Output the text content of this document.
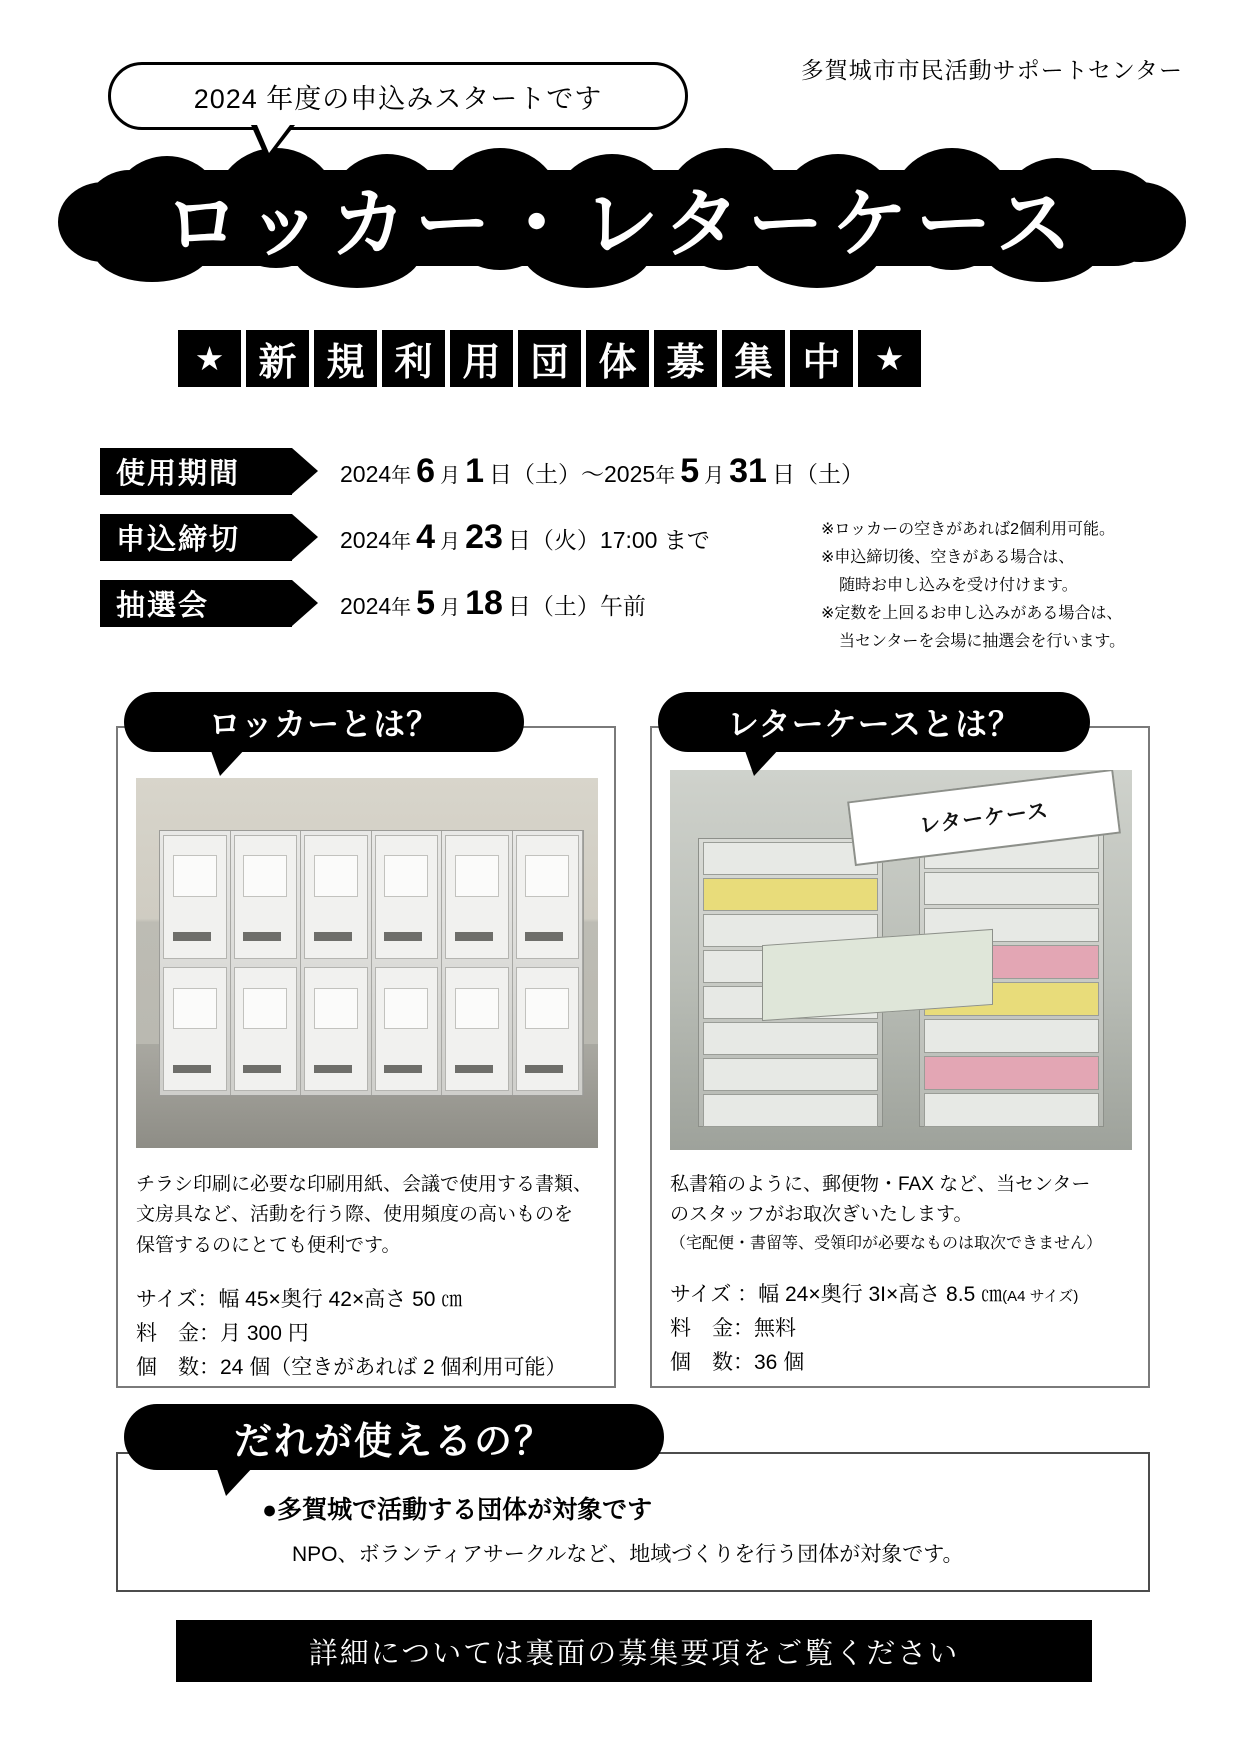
多賀城市市民活動サポートセンター
2024 年度の申込みスタートです
ロッカー・レターケース
★ 新 規 利 用 団 体 募 集 中	★
使用期間	2024 年 6 月 1 日（土）～2025 年 5 月 31 日（土）
申込締切	2024 年 4 月 23 日（火）17:00 まで
抽選会	2024 年 5 月 18 日（土）午前
※ロッカーの空きがあれば2個利用可能。
※申込締切後、空きがある場合は、
随時お申し込みを受け付けます。
※定数を上回るお申し込みがある場合は、
当センターを会場に抽選会を行います。
ロッカーとは？
チラシ印刷に必要な印刷用紙、会議で使用する書類、
文房具など、活動を行う際、使用頻度の高いものを
保管するのにとても便利です。
サイズ：幅 45×奥行 42×高さ 50 ㎝
料　金：月 300 円
個　数：24 個（空きがあれば 2 個利用可能）
レターケースとは？
レターケース
私書箱のように、郵便物・FAX など、当センター
のスタッフがお取次ぎいたします。
（宅配便・書留等、受領印が必要なものは取次できません）
サイズ ：幅 24×奥行 3I×高さ 8.5 ㎝(A4 サイズ)
料　金：無料
個　数：36 個
だれが使えるの？
●多賀城で活動する団体が対象です
NPO、ボランティアサークルなど、地域づくりを行う団体が対象です。
詳細については裏面の募集要項をご覧ください
